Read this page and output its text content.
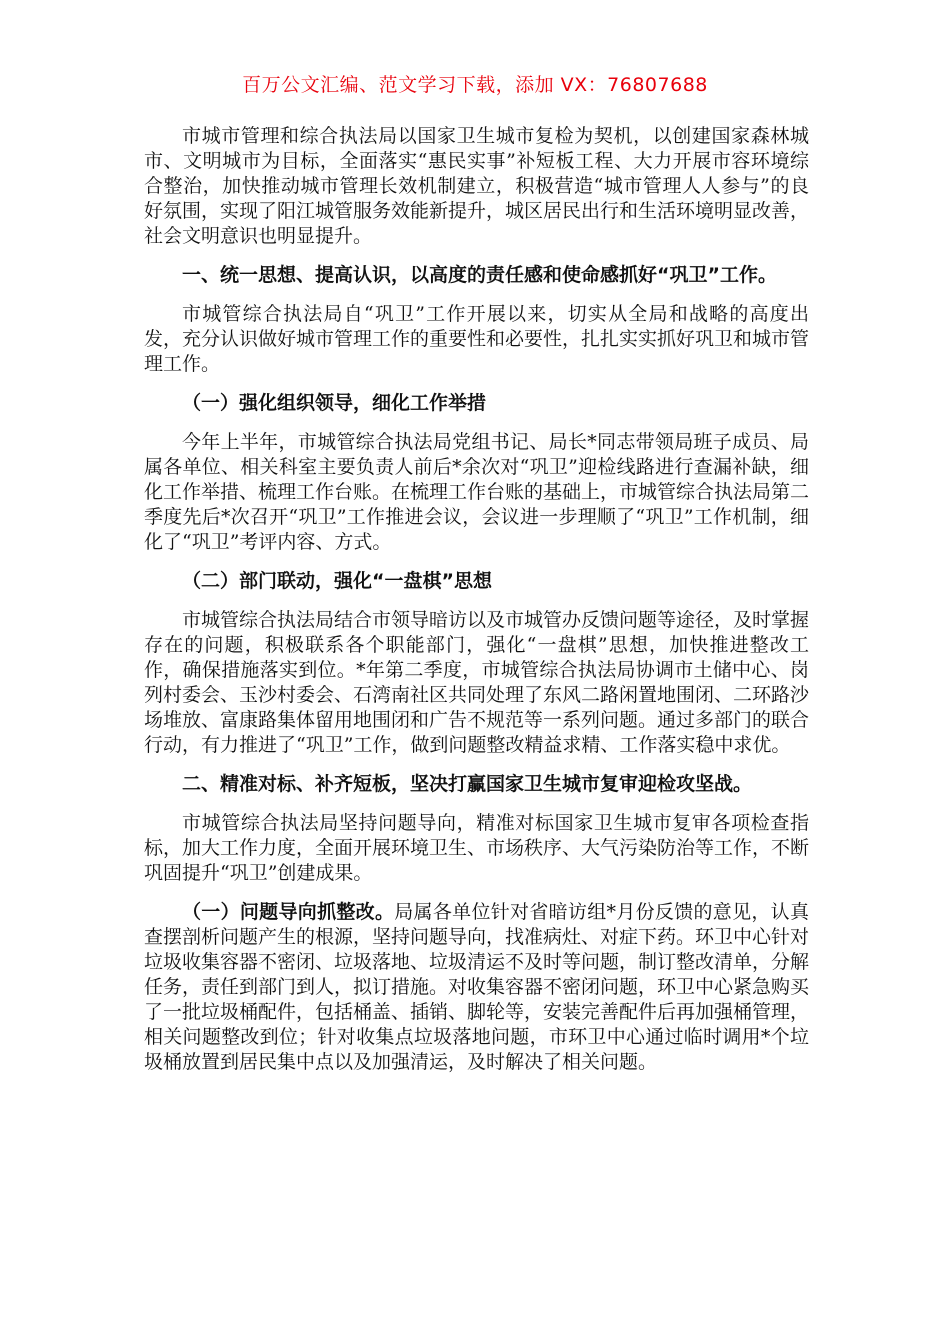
百万公文汇编、范文学习下载，添加 VX：76807688

市城市管理和综合执法局以国家卫生城市复检为契机，以创建国家森林城市、文明城市为目标，全面落实“惠民实事”补短板工程、大力开展市容环境综合整治，加快推动城市管理长效机制建立，积极营造“城市管理人人参与”的良好氛围，实现了阳江城管服务效能新提升，城区居民出行和生活环境明显改善，社会文明意识也明显提升。

一、统一思想、提高认识，以高度的责任感和使命感抓好“巩卫”工作。

市城管综合执法局自“巩卫”工作开展以来，切实从全局和战略的高度出发，充分认识做好城市管理工作的重要性和必要性，扎扎实实抓好巩卫和城市管理工作。

（一）强化组织领导，细化工作举措

今年上半年，市城管综合执法局党组书记、局长*同志带领局班子成员、局属各单位、相关科室主要负责人前后*余次对“巩卫”迎检线路进行查漏补缺，细化工作举措、梳理工作台账。在梳理工作台账的基础上，市城管综合执法局第二季度先后*次召开“巩卫”工作推进会议，会议进一步理顺了“巩卫”工作机制，细化了“巩卫”考评内容、方式。

（二）部门联动，强化“一盘棋”思想

市城管综合执法局结合市领导暗访以及市城管办反馈问题等途径，及时掌握存在的问题，积极联系各个职能部门，强化“一盘棋”思想，加快推进整改工作，确保措施落实到位。*年第二季度，市城管综合执法局协调市土储中心、岗列村委会、玉沙村委会、石湾南社区共同处理了东风二路闲置地围闭、二环路沙场堆放、富康路集体留用地围闭和广告不规范等一系列问题。通过多部门的联合行动，有力推进了“巩卫”工作，做到问题整改精益求精、工作落实稳中求优。

二、精准对标、补齐短板，坚决打赢国家卫生城市复审迎检攻坚战。

市城管综合执法局坚持问题导向，精准对标国家卫生城市复审各项检查指标，加大工作力度，全面开展环境卫生、市场秩序、大气污染防治等工作，不断巩固提升“巩卫”创建成果。

（一）问题导向抓整改。局属各单位针对省暗访组*月份反馈的意见，认真查摆剖析问题产生的根源，坚持问题导向，找准病灶、对症下药。环卫中心针对垃圾收集容器不密闭、垃圾落地、垃圾清运不及时等问题，制订整改清单，分解任务，责任到部门到人，拟订措施。对收集容器不密闭问题，环卫中心紧急购买了一批垃圾桶配件，包括桶盖、插销、脚轮等，安装完善配件后再加强桶管理，相关问题整改到位；针对收集点垃圾落地问题，市环卫中心通过临时调用*个垃圾桶放置到居民集中点以及加强清运，及时解决了相关问题。
